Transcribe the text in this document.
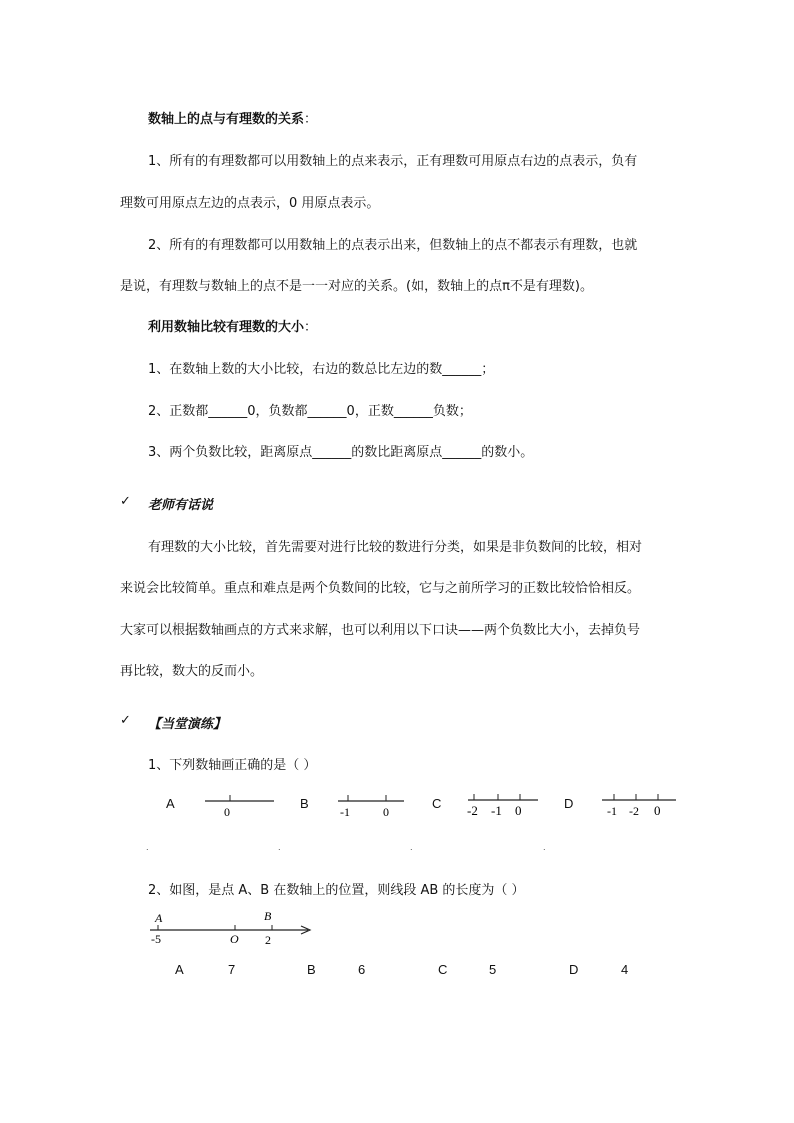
数轴上的点与有理数的关系：
1、所有的有理数都可以用数轴上的点来表示，正有理数可用原点右边的点表示，负有
理数可用原点左边的点表示，0 用原点表示。
2、所有的有理数都可以用数轴上的点表示出来，但数轴上的点不都表示有理数，也就
是说，有理数与数轴上的点不是一一对应的关系。(如，数轴上的点π不是有理数)。
利用数轴比较有理数的大小：
1、在数轴上数的大小比较，右边的数总比左边的数______；
2、正数都______0，负数都______0，正数______负数；
3、两个负数比较，距离原点______的数比距离原点______的数小。
✓ 老师有话说
有理数的大小比较，首先需要对进行比较的数进行分类，如果是非负数间的比较，相对
来说会比较简单。重点和难点是两个负数间的比较，它与之前所学习的正数比较恰恰相反。
大家可以根据数轴画点的方式来求解，也可以利用以下口诀——两个负数比大小，去掉负号
再比较，数大的反而小。
✓ 【当堂演练】
1、下列数轴画正确的是（ ）
A
0
B
-1	0
C -2 -1 0	D	-1 -2 0
.	.	.	.
2、如图，是点 A、B 在数轴上的位置，则线段 AB 的长度为（ ）
A	B
-5	O 2
A	7	B	6	C	5	D	4
